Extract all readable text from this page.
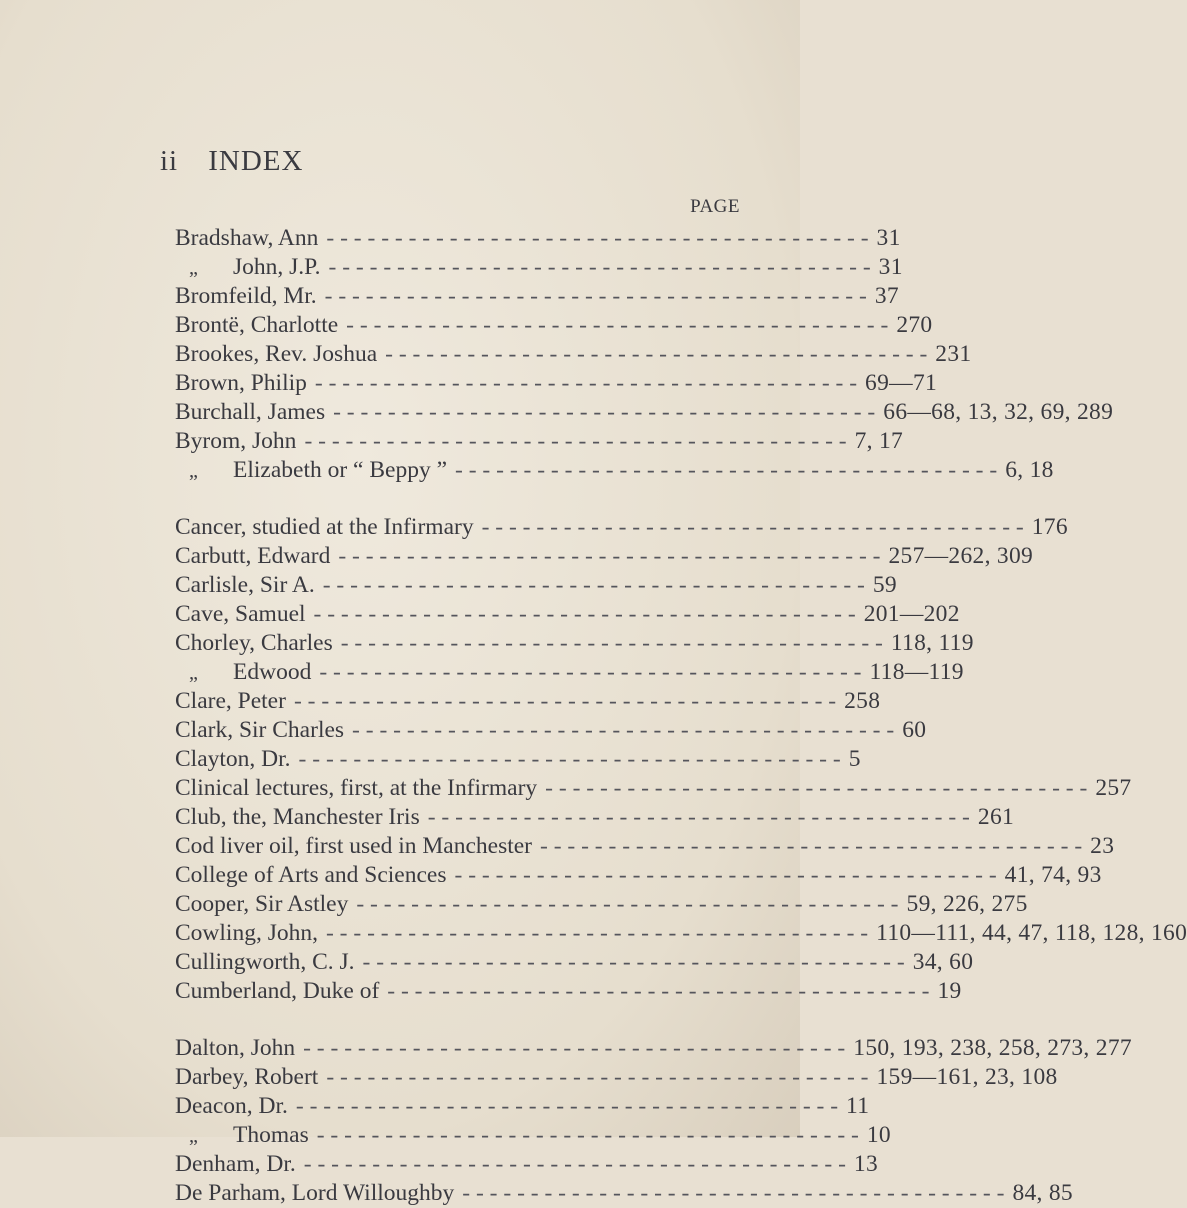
ii INDEX
PAGE
Bradshaw, Ann - - - - - - - - - - - - - - - - - - - - - - - - - - - - - - - - - - - - - - - - 31
„ John, J.P. - - - - - - - - - - - - - - - - - - - - - - - - - - - - - - - - - - - - - - - - 31
Bromfeild, Mr. - - - - - - - - - - - - - - - - - - - - - - - - - - - - - - - - - - - - - - - - 37
Brontë, Charlotte - - - - - - - - - - - - - - - - - - - - - - - - - - - - - - - - - - - - - - - - 270
Brookes, Rev. Joshua - - - - - - - - - - - - - - - - - - - - - - - - - - - - - - - - - - - - - - - - 231
Brown, Philip - - - - - - - - - - - - - - - - - - - - - - - - - - - - - - - - - - - - - - - - 69—71
Burchall, James - - - - - - - - - - - - - - - - - - - - - - - - - - - - - - - - - - - - - - - - 66—68, 13, 32, 69, 289
Byrom, John - - - - - - - - - - - - - - - - - - - - - - - - - - - - - - - - - - - - - - - - 7, 17
„ Elizabeth or “ Beppy ” - - - - - - - - - - - - - - - - - - - - - - - - - - - - - - - - - - - - - - - - 6, 18
Cancer, studied at the Infirmary - - - - - - - - - - - - - - - - - - - - - - - - - - - - - - - - - - - - - - - - 176
Carbutt, Edward - - - - - - - - - - - - - - - - - - - - - - - - - - - - - - - - - - - - - - - - 257—262, 309
Carlisle, Sir A. - - - - - - - - - - - - - - - - - - - - - - - - - - - - - - - - - - - - - - - - 59
Cave, Samuel - - - - - - - - - - - - - - - - - - - - - - - - - - - - - - - - - - - - - - - - 201—202
Chorley, Charles - - - - - - - - - - - - - - - - - - - - - - - - - - - - - - - - - - - - - - - - 118, 119
„ Edwood - - - - - - - - - - - - - - - - - - - - - - - - - - - - - - - - - - - - - - - - 118—119
Clare, Peter - - - - - - - - - - - - - - - - - - - - - - - - - - - - - - - - - - - - - - - - 258
Clark, Sir Charles - - - - - - - - - - - - - - - - - - - - - - - - - - - - - - - - - - - - - - - - 60
Clayton, Dr. - - - - - - - - - - - - - - - - - - - - - - - - - - - - - - - - - - - - - - - - 5
Clinical lectures, first, at the Infirmary - - - - - - - - - - - - - - - - - - - - - - - - - - - - - - - - - - - - - - - - 257
Club, the, Manchester Iris - - - - - - - - - - - - - - - - - - - - - - - - - - - - - - - - - - - - - - - - 261
Cod liver oil, first used in Manchester - - - - - - - - - - - - - - - - - - - - - - - - - - - - - - - - - - - - - - - - 23
College of Arts and Sciences - - - - - - - - - - - - - - - - - - - - - - - - - - - - - - - - - - - - - - - - 41, 74, 93
Cooper, Sir Astley - - - - - - - - - - - - - - - - - - - - - - - - - - - - - - - - - - - - - - - - 59, 226, 275
Cowling, John, - - - - - - - - - - - - - - - - - - - - - - - - - - - - - - - - - - - - - - - - 110—111, 44, 47, 118, 128, 160
Cullingworth, C. J. - - - - - - - - - - - - - - - - - - - - - - - - - - - - - - - - - - - - - - - - 34, 60
Cumberland, Duke of - - - - - - - - - - - - - - - - - - - - - - - - - - - - - - - - - - - - - - - - 19
Dalton, John - - - - - - - - - - - - - - - - - - - - - - - - - - - - - - - - - - - - - - - - 150, 193, 238, 258, 273, 277
Darbey, Robert - - - - - - - - - - - - - - - - - - - - - - - - - - - - - - - - - - - - - - - - 159—161, 23, 108
Deacon, Dr. - - - - - - - - - - - - - - - - - - - - - - - - - - - - - - - - - - - - - - - - 11
„ Thomas - - - - - - - - - - - - - - - - - - - - - - - - - - - - - - - - - - - - - - - - 10
Denham, Dr. - - - - - - - - - - - - - - - - - - - - - - - - - - - - - - - - - - - - - - - - 13
De Parham, Lord Willoughby - - - - - - - - - - - - - - - - - - - - - - - - - - - - - - - - - - - - - - - - 84, 85
